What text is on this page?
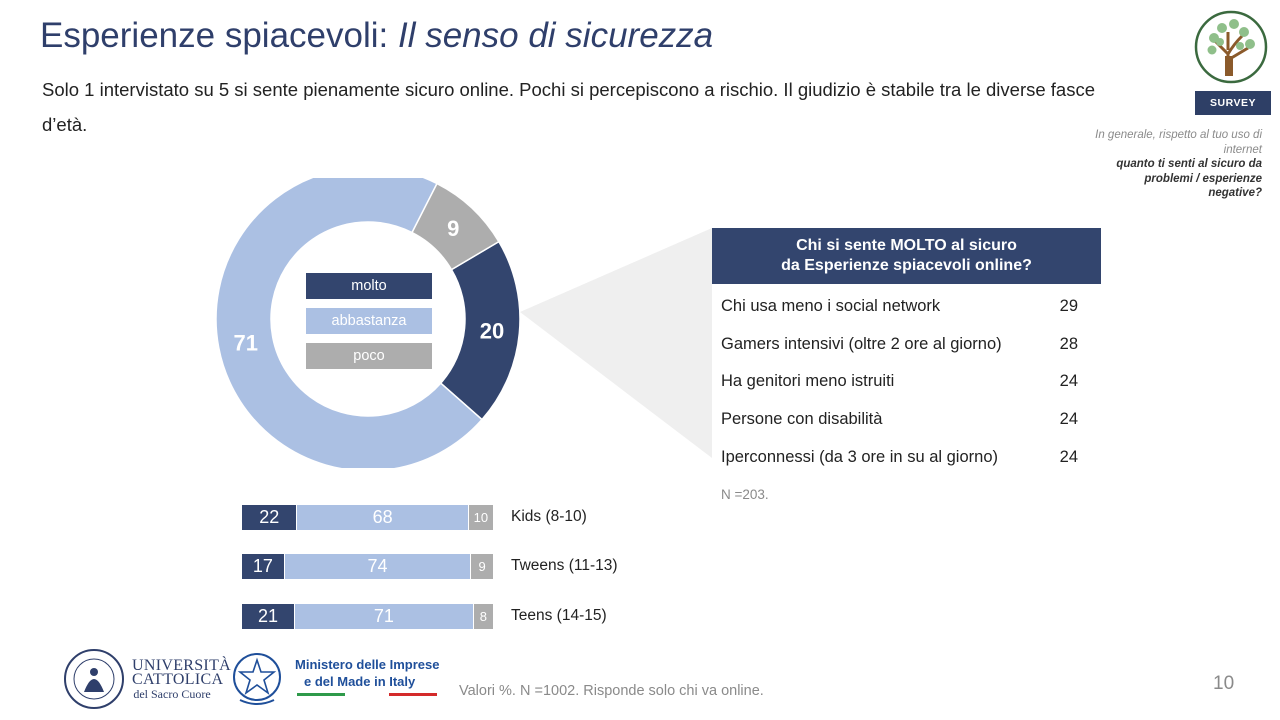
Esperienze spiacevoli: Il senso di sicurezza
Solo 1 intervistato su 5 si sente pienamente sicuro online. Pochi si percepiscono a rischio. Il giudizio è stabile tra le diverse fasce d’età.
SURVEY
In generale, rispetto al tuo uso di internet
quanto ti senti al sicuro da problemi / esperienze negative?
20
71
9
molto
abbastanza
poco
Chi si sente MOLTO al sicuro
da Esperienze spiacevoli online?
Chi usa meno i social network	29
Gamers intensivi (oltre 2 ore al giorno)	28
Ha genitori meno istruiti	24
Persone con disabilità	24
Iperconnessi (da 3 ore in su al giorno)	24
N =203.
22	68	10	Kids (8-10)
17	74	9	Tweens (11-13)
21	71	8	Teens (14-15)
UNIVERSITÀ
CATTOLICA
del Sacro Cuore
Ministero delle Imprese
e del Made in Italy
Valori %. N =1002. Risponde solo chi va online.	10
